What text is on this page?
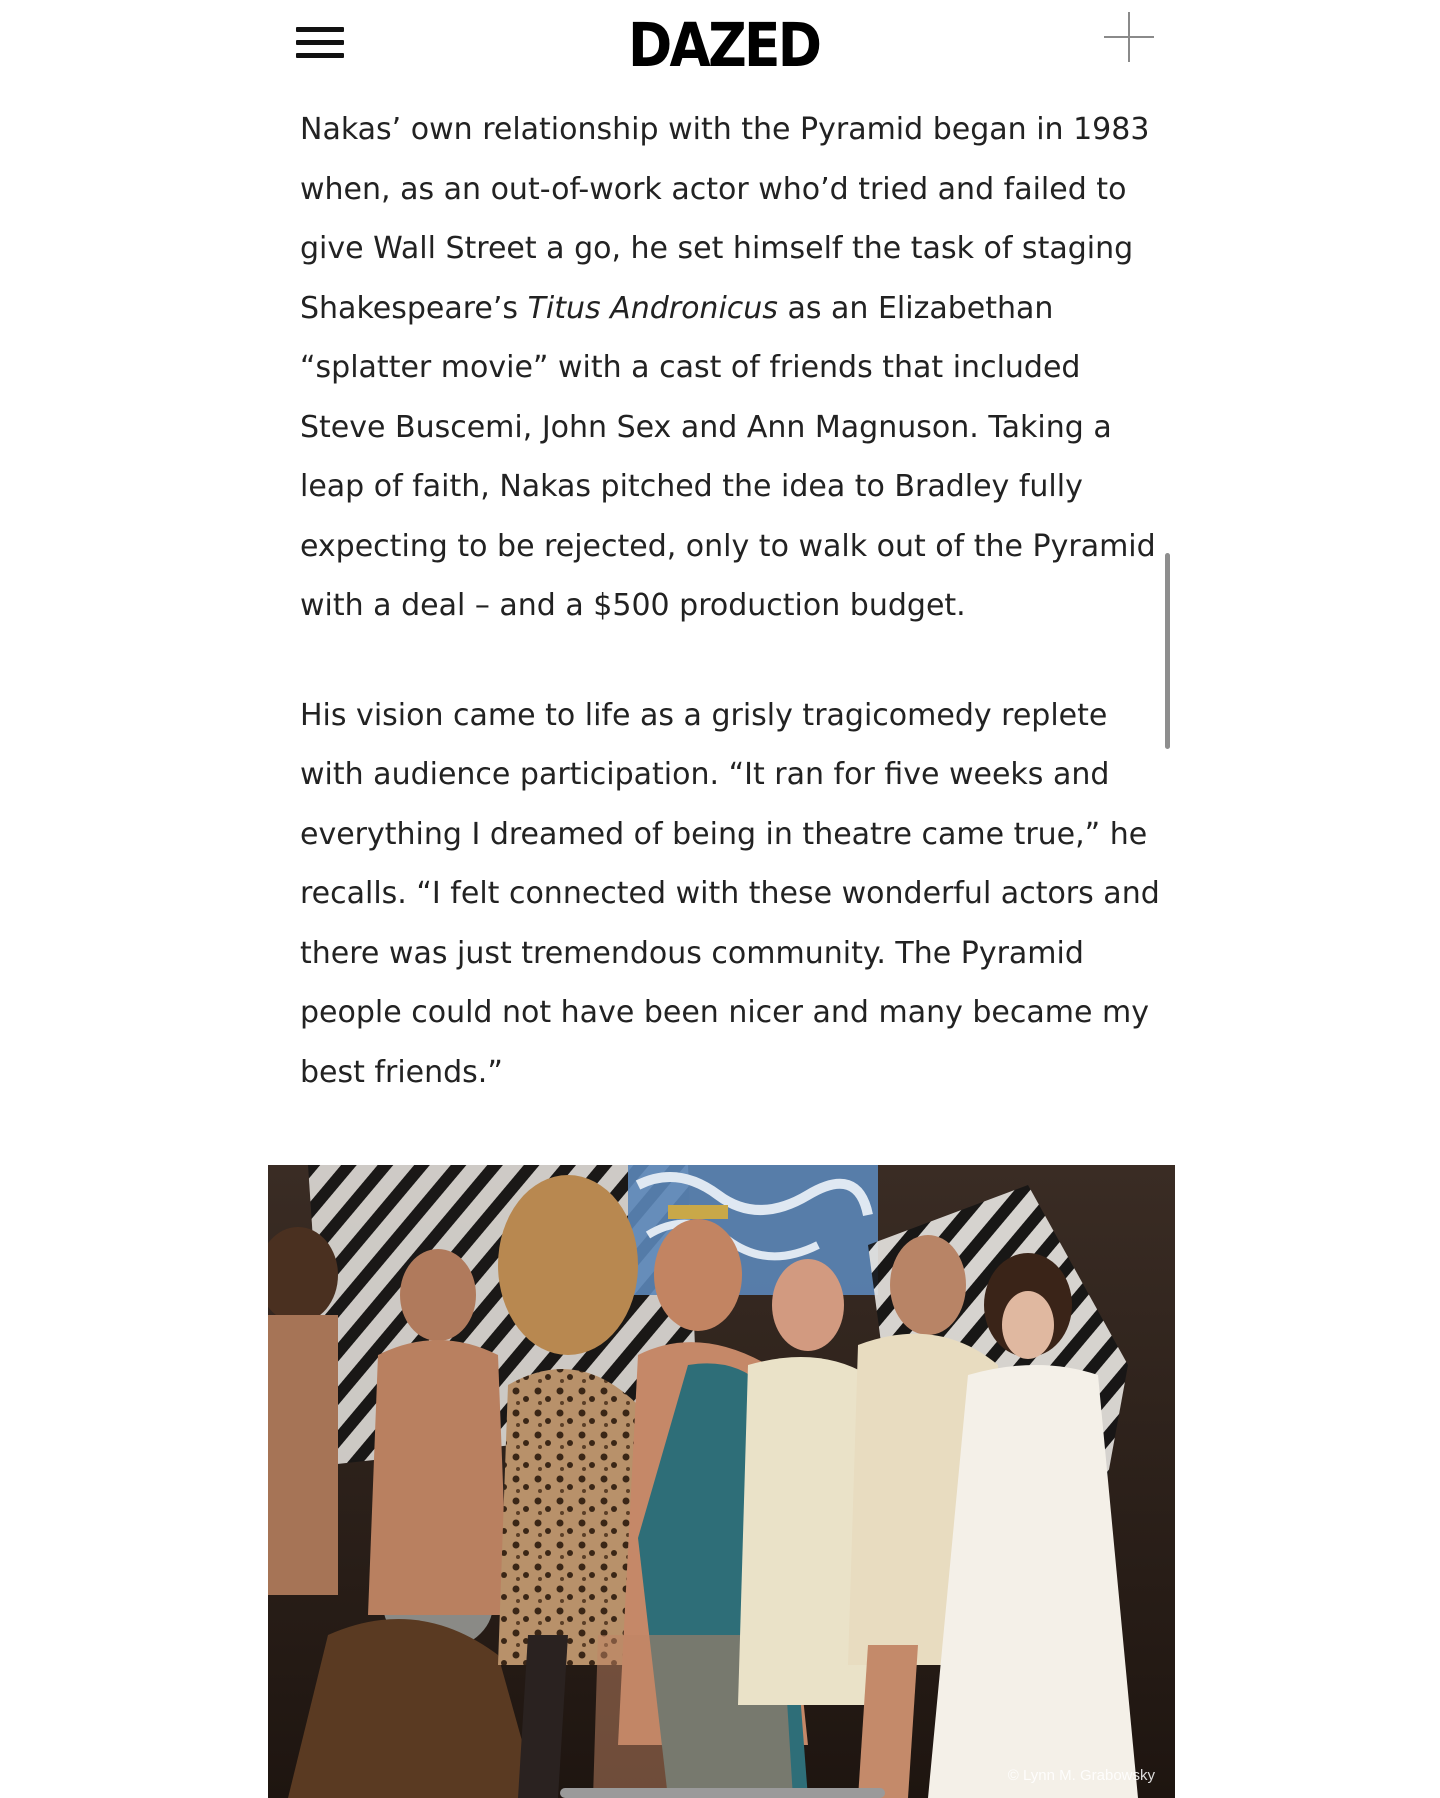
DAZED

Nakas’ own relationship with the Pyramid began in 1983 when, as an out-of-work actor who’d tried and failed to give Wall Street a go, he set himself the task of staging Shakespeare’s Titus Andronicus as an Elizabethan “splatter movie” with a cast of friends that included Steve Buscemi, John Sex and Ann Magnuson. Taking a leap of faith, Nakas pitched the idea to Bradley fully expecting to be rejected, only to walk out of the Pyramid with a deal – and a $500 production budget.

His vision came to life as a grisly tragicomedy replete with audience participation. “It ran for five weeks and everything I dreamed of being in theatre came true,” he recalls. “I felt connected with these wonderful actors and there was just tremendous community. The Pyramid people could not have been nicer and many became my best friends.”

© Lynn M. Grabowsky
